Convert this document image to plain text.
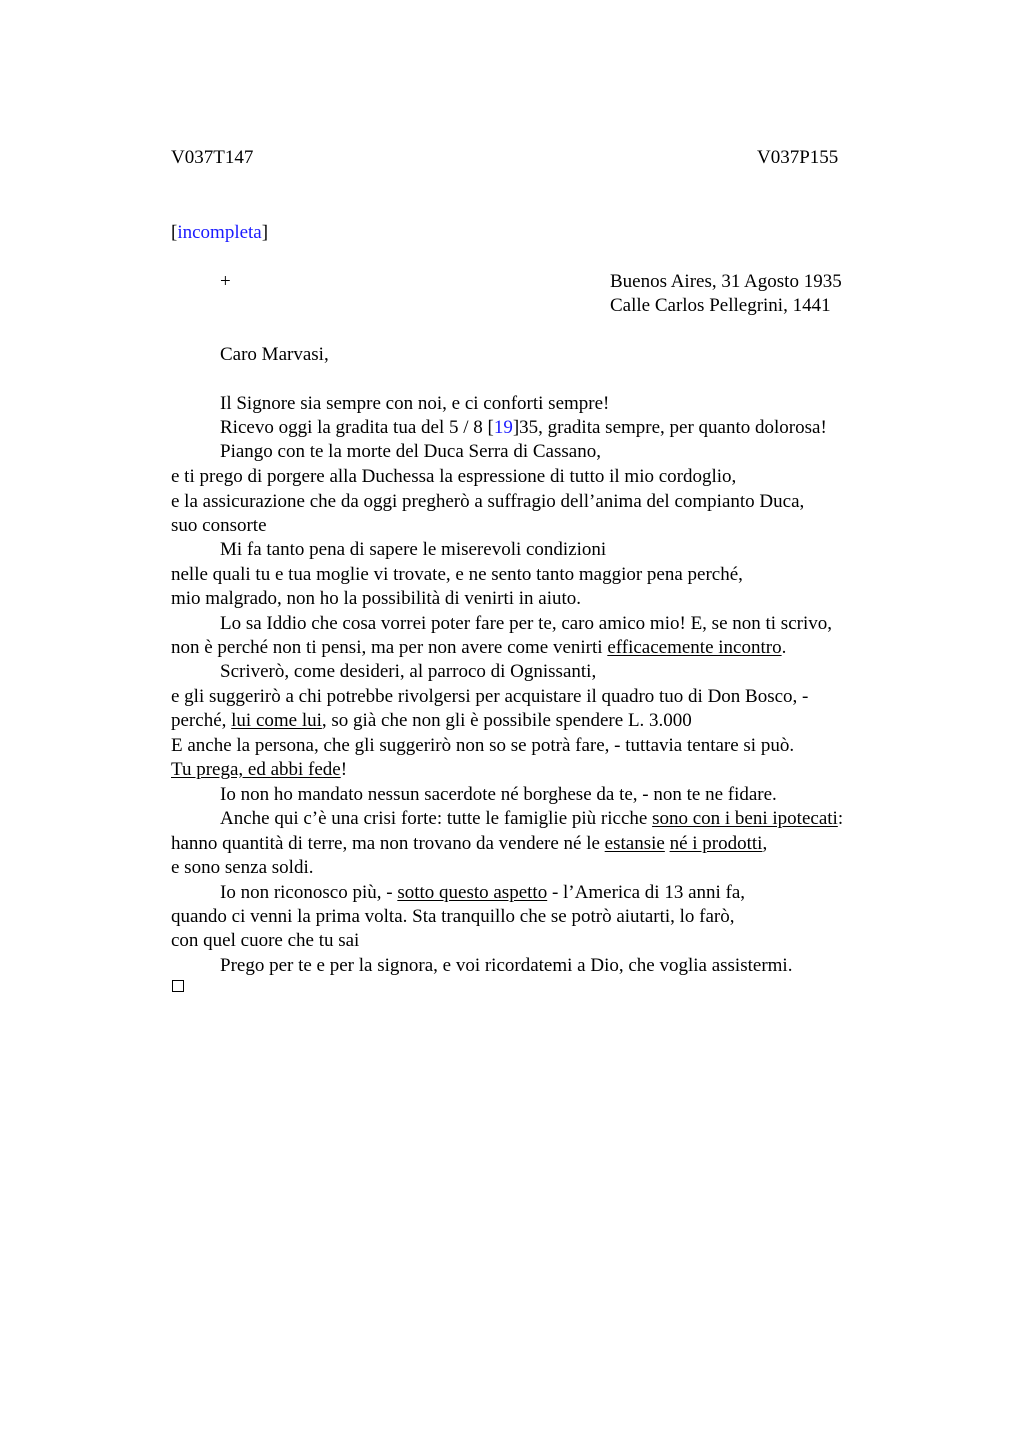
V037T147	V037P155
[incompleta]
+	Buenos Aires, 31 Agosto 1935
Calle Carlos Pellegrini, 1441
Caro Marvasi,
Il Signore sia sempre con noi, e ci conforti sempre!
Ricevo oggi la gradita tua del 5 / 8 [19]35, gradita sempre, per quanto dolorosa!
Piango con te la morte del Duca Serra di Cassano,
e ti prego di porgere alla Duchessa la espressione di tutto il mio cordoglio,
e la assicurazione che da oggi pregherò a suffragio dell’anima del compianto Duca,
suo consorte
Mi fa tanto pena di sapere le miserevoli condizioni
nelle quali tu e tua moglie vi trovate, e ne sento tanto maggior pena perché,
mio malgrado, non ho la possibilità di venirti in aiuto.
Lo sa Iddio che cosa vorrei poter fare per te, caro amico mio! E, se non ti scrivo,
non è perché non ti pensi, ma per non avere come venirti efficacemente incontro.
Scriverò, come desideri, al parroco di Ognissanti,
e gli suggerirò a chi potrebbe rivolgersi per acquistare il quadro tuo di Don Bosco, -
perché, lui come lui, so già che non gli è possibile spendere L. 3.000
E anche la persona, che gli suggerirò non so se potrà fare, - tuttavia tentare si può.
Tu prega, ed abbi fede!
Io non ho mandato nessun sacerdote né borghese da te, - non te ne fidare.
Anche qui c’è una crisi forte: tutte le famiglie più ricche sono con i beni ipotecati:
hanno quantità di terre, ma non trovano da vendere né le estansie né i prodotti,
e sono senza soldi.
Io non riconosco più, - sotto questo aspetto - l’America di 13 anni fa,
quando ci venni la prima volta. Sta tranquillo che se potrò aiutarti, lo farò,
con quel cuore che tu sai
Prego per te e per la signora, e voi ricordatemi a Dio, che voglia assistermi.
